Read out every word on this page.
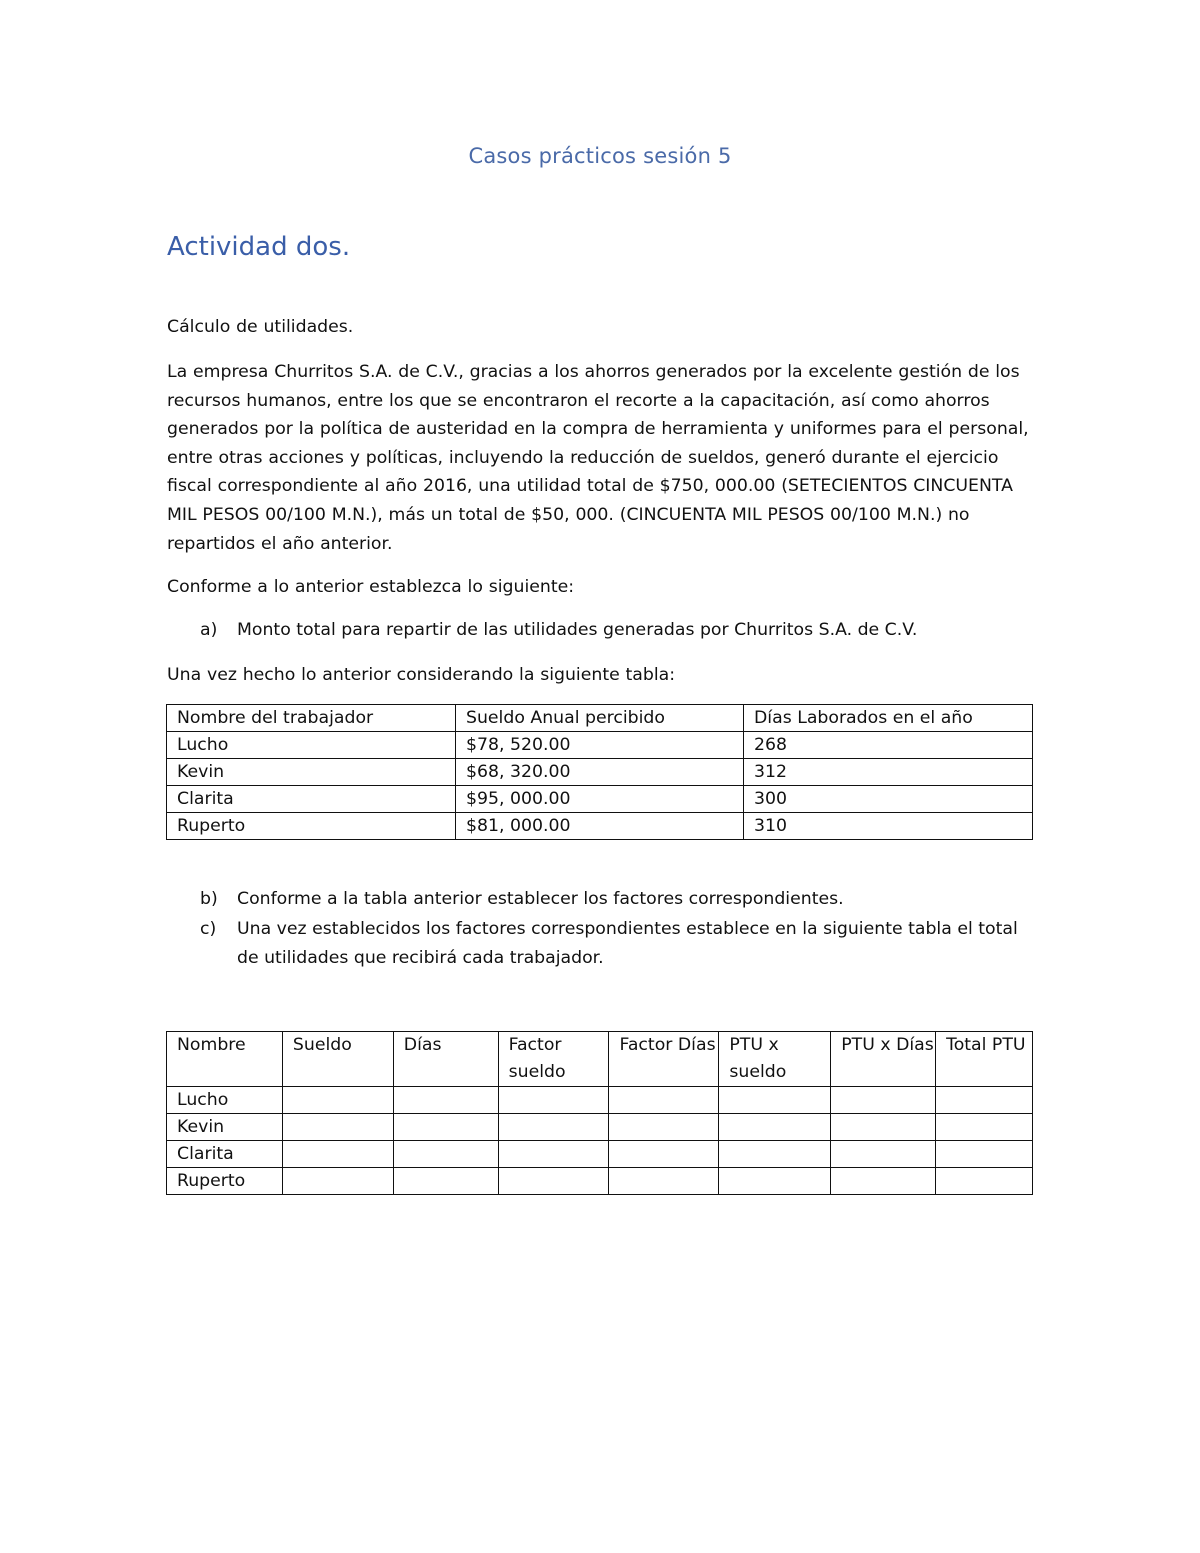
Casos prácticos sesión 5
Actividad dos.
Cálculo de utilidades.
La empresa Churritos S.A. de C.V., gracias a los ahorros generados por la excelente gestión de los recursos humanos, entre los que se encontraron el recorte a la capacitación, así como ahorros generados por la política de austeridad en la compra de herramienta y uniformes para el personal, entre otras acciones y políticas, incluyendo la reducción de sueldos, generó durante el ejercicio fiscal correspondiente al año 2016, una utilidad total de $750, 000.00 (SETECIENTOS CINCUENTA MIL PESOS 00/100 M.N.), más un total de $50, 000. (CINCUENTA MIL PESOS 00/100 M.N.) no repartidos el año anterior.
Conforme a lo anterior establezca lo siguiente:
a)	Monto total para repartir de las utilidades generadas por Churritos S.A. de C.V.
Una vez hecho lo anterior considerando la siguiente tabla:
Nombre del trabajador	Sueldo Anual percibido	Días Laborados en el año
Lucho	$78, 520.00	268
Kevin	$68, 320.00	312
Clarita	$95, 000.00	300
Ruperto	$81, 000.00	310
b)	Conforme a la tabla anterior establecer los factores correspondientes.
c)	Una vez establecidos los factores correspondientes establece en la siguiente tabla el total de utilidades que recibirá cada trabajador.
Nombre	Sueldo	Días	Factor sueldo	Factor Días	PTU x sueldo	PTU x Días	Total PTU
Lucho							
Kevin							
Clarita							
Ruperto							
